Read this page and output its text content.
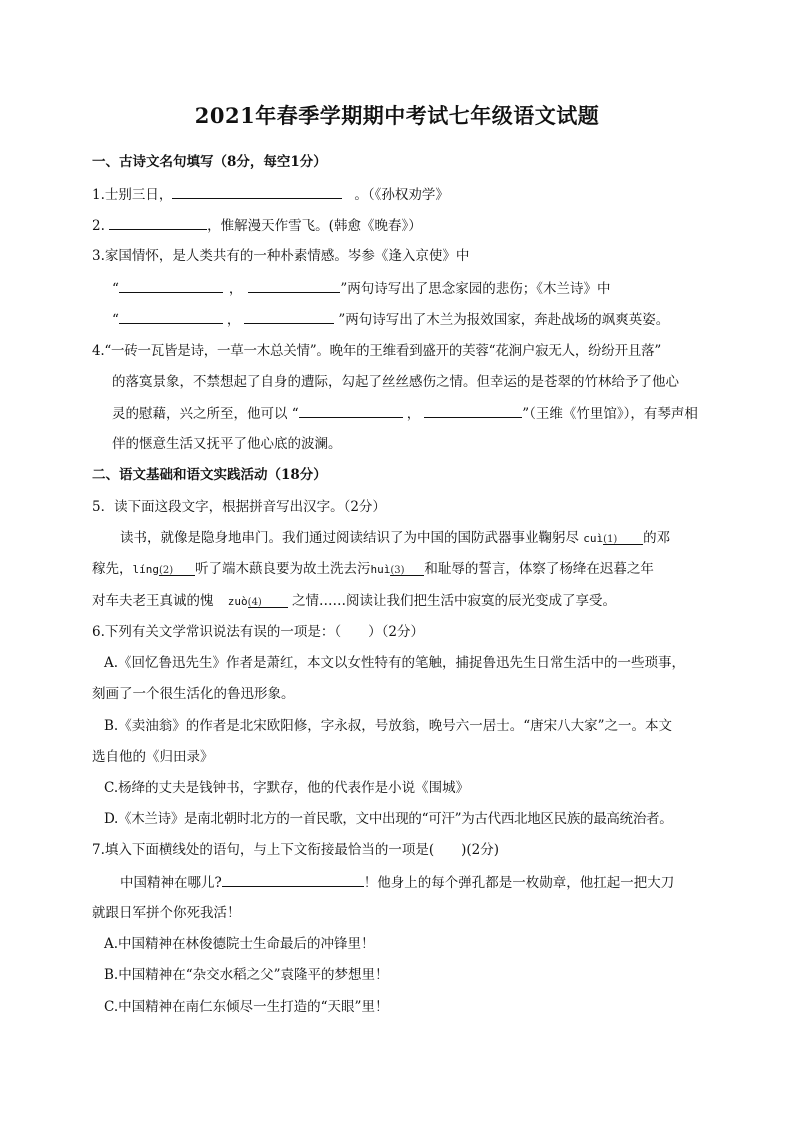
2021年春季学期期中考试七年级语文试题
一、古诗文名句填写（8分，每空1分）
1.士别三日，	。（《孙权劝学》
2.	，惟解漫天作雪飞。(韩愈《晚春》）
3.家国情怀，是人类共有的一种朴素情感。岑参《逢入京使》中
“	，	”两句诗写出了思念家园的悲伤；《木兰诗》中
“	，	”两句诗写出了木兰为报效国家，奔赴战场的飒爽英姿。
4.“一砖一瓦皆是诗，一草一木总关情”。晚年的王维看到盛开的芙蓉“花涧户寂无人，纷纷开且落”
的落寞景象，不禁想起了自身的遭际，勾起了丝丝感伤之情。但幸运的是苍翠的竹林给予了他心
灵的慰藉，兴之所至，他可以 “	，	”（王维《竹里馆》），有琴声相
伴的惬意生活又抚平了他心底的波澜。
二、语文基础和语文实践活动（18分）
5．读下面这段文字，根据拼音写出汉字。（2分）
读书，就像是隐身地串门。我们通过阅读结识了为中国的国防武器事业鞠躬尽 cuì(1) 的邓
稼先，líng(2) 听了端木蕻良要为故土洗去污huì(3) 和耻辱的誓言，体察了杨绛在迟暮之年
对车夫老王真诚的愧 zuò(4) 之情……阅读让我们把生活中寂寞的辰光变成了享受。
6.下列有关文学常识说法有误的一项是：（　　）（2分）
A.《回忆鲁迅先生》作者是萧红，本文以女性特有的笔触，捕捉鲁迅先生日常生活中的一些琐事，
刻画了一个很生活化的鲁迅形象。
B.《卖油翁》的作者是北宋欧阳修，字永叔，号放翁，晚号六一居士。“唐宋八大家”之一。本文
选自他的《归田录》
C.杨绛的丈夫是钱钟书，字默存，他的代表作是小说《围城》
D.《木兰诗》是南北朝时北方的一首民歌，文中出现的“可汗”为古代西北地区民族的最高统治者。
7.填入下面横线处的语句，与上下文衔接最恰当的一项是(　　)(2分)
中国精神在哪儿?	！他身上的每个弹孔都是一枚勋章，他扛起一把大刀
就跟日军拼个你死我活！
A.中国精神在林俊德院士生命最后的冲锋里！
B.中国精神在“杂交水稻之父”袁隆平的梦想里！
C.中国精神在南仁东倾尽一生打造的“天眼”里！
